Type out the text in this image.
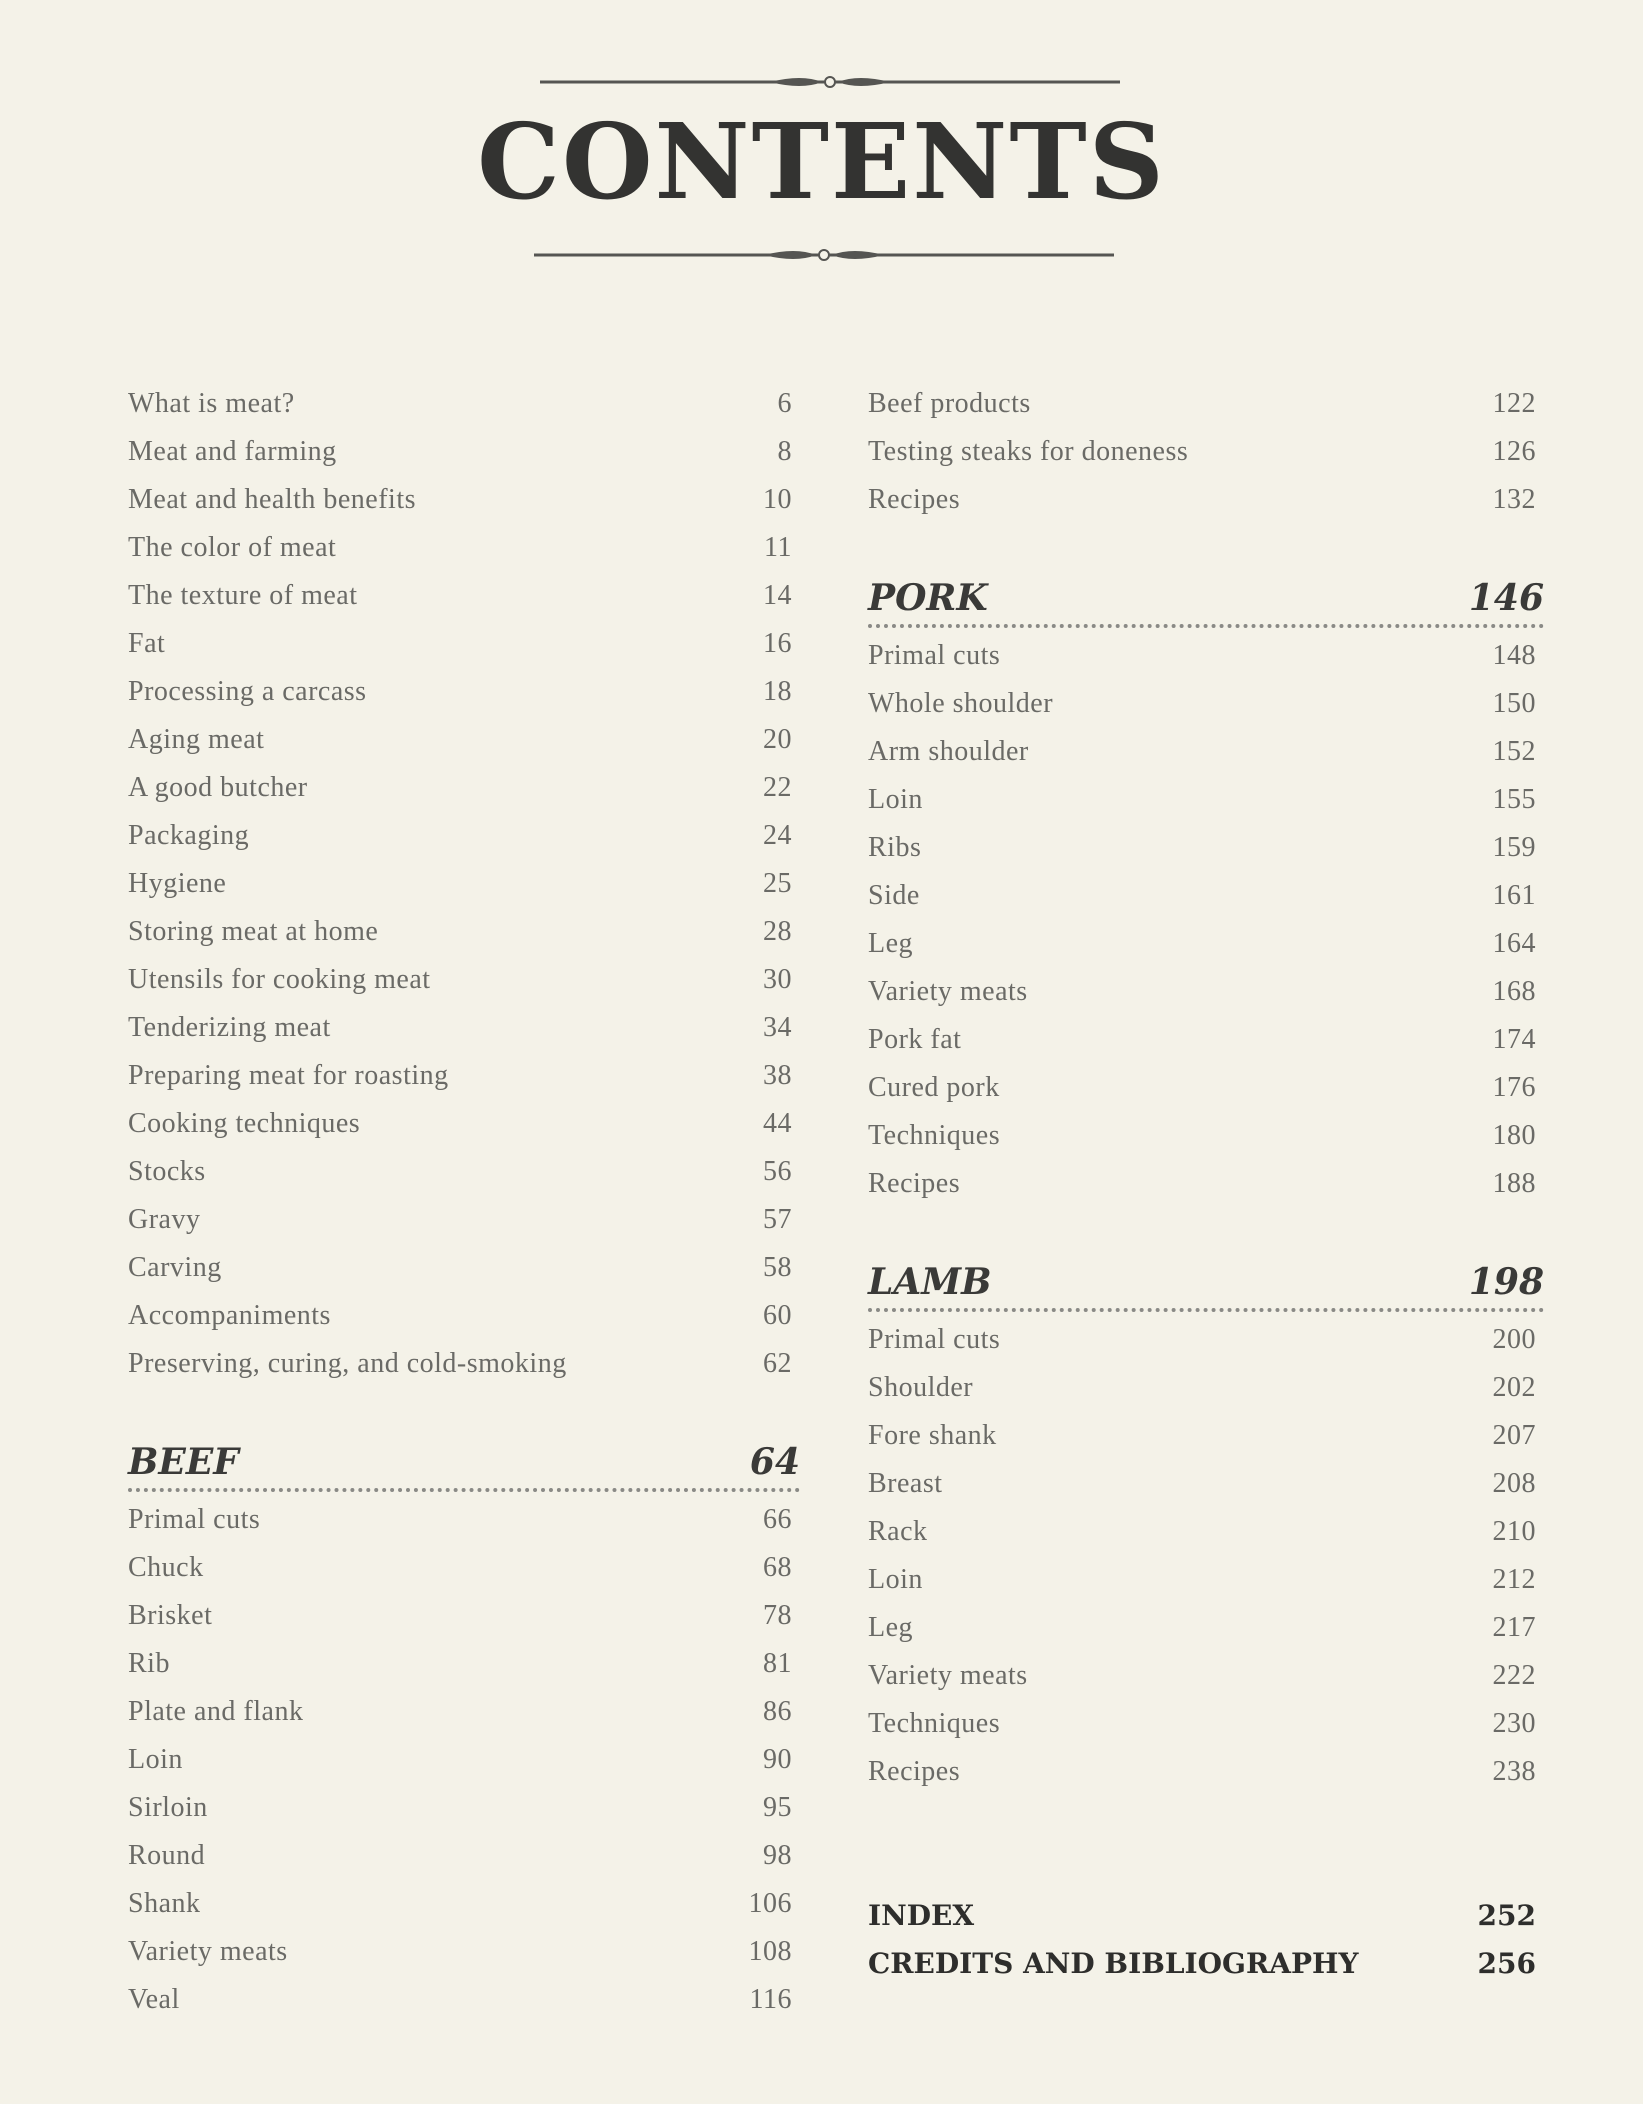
CONTENTS
What is meat?	6
Meat and farming	8
Meat and health benefits	10
The color of meat	11
The texture of meat	14
Fat	16
Processing a carcass	18
Aging meat	20
A good butcher	22
Packaging	24
Hygiene	25
Storing meat at home	28
Utensils for cooking meat	30
Tenderizing meat	34
Preparing meat for roasting	38
Cooking techniques	44
Stocks	56
Gravy	57
Carving	58
Accompaniments	60
Preserving, curing, and cold-smoking	62
BEEF	64
Primal cuts	66
Chuck	68
Brisket	78
Rib	81
Plate and flank	86
Loin	90
Sirloin	95
Round	98
Shank	106
Variety meats	108
Veal	116
Beef products	122
Testing steaks for doneness	126
Recipes	132
PORK	146
Primal cuts	148
Whole shoulder	150
Arm shoulder	152
Loin	155
Ribs	159
Side	161
Leg	164
Variety meats	168
Pork fat	174
Cured pork	176
Techniques	180
Recipes	188
LAMB	198
Primal cuts	200
Shoulder	202
Fore shank	207
Breast	208
Rack	210
Loin	212
Leg	217
Variety meats	222
Techniques	230
Recipes	238
INDEX	252
CREDITS AND BIBLIOGRAPHY	256
